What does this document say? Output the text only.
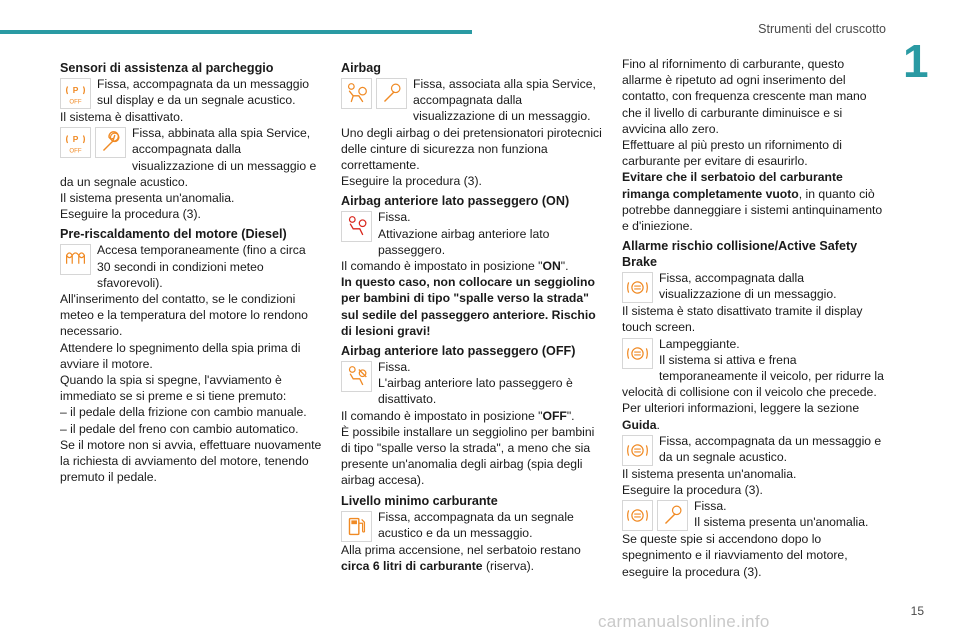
Strumenti del cruscotto
1
Sensori di assistenza al parcheggio
P
OFF
Fissa, accompagnata da un messaggio sul display e da un segnale acustico.

Il sistema è disattivato.

P
OFF
Fissa, abbinata alla spia Service, accompagnata dalla visualizzazione di un messaggio e da un segnale acustico.

Il sistema presenta un'anomalia.

Eseguire la procedura (3).

Pre-riscaldamento del motore (Diesel)
Accesa temporaneamente (fino a circa 30 secondi in condizioni meteo sfavorevoli).

All'inserimento del contatto, se le condizioni meteo e la temperatura del motore lo rendono necessario.

Attendere lo spegnimento della spia prima di avviare il motore.

Quando la spia si spegne, l'avviamento è immediato se si preme e si tiene premuto:

– il pedale della frizione con cambio manuale.

– il pedale del freno con cambio automatico.

Se il motore non si avvia, effettuare nuovamente la richiesta di avviamento del motore, tenendo premuto il pedale.

Airbag
Fissa, associata alla spia Service, accompagnata dalla visualizzazione di un messaggio.

Uno degli airbag o dei pretensionatori pirotecnici delle cinture di sicurezza non funziona correttamente.

Eseguire la procedura (3).

Airbag anteriore lato passeggero (ON)

Fissa.

Attivazione airbag anteriore lato passeggero.

Il comando è impostato in posizione "ON".

In questo caso, non collocare un seggiolino per bambini di tipo "spalle verso la strada" sul sedile del passeggero anteriore. Rischio di lesioni gravi!

Airbag anteriore lato passeggero (OFF)

Fissa.

L'airbag anteriore lato passeggero è disattivato.

Il comando è impostato in posizione "OFF".

È possibile installare un seggiolino per bambini di tipo "spalle verso la strada", a meno che sia presente un'anomalia degli airbag (spia degli airbag accesa).

Livello minimo carburante
Fissa, accompagnata da un segnale acustico e da un messaggio.

Alla prima accensione, nel serbatoio restano circa 6 litri di carburante (riserva).

Fino al rifornimento di carburante, questo allarme è ripetuto ad ogni inserimento del contatto, con frequenza crescente man mano che il livello di carburante diminuisce e si avvicina allo zero.

Effettuare al più presto un rifornimento di carburante per evitare di esaurirlo.

Evitare che il serbatoio del carburante rimanga completamente vuoto, in quanto ciò potrebbe danneggiare i sistemi antinquinamento e d'iniezione.

Allarme rischio collisione/Active Safety Brake
Fissa, accompagnata dalla visualizzazione di un messaggio.

Il sistema è stato disattivato tramite il display touch screen.

Lampeggiante.

Il sistema si attiva e frena temporaneamente il veicolo, per ridurre la velocità di collisione con il veicolo che precede.

Per ulteriori informazioni, leggere la sezione Guida.

Fissa, accompagnata da un messaggio e da un segnale acustico.

Il sistema presenta un'anomalia.

Eseguire la procedura (3).

Fissa.

Il sistema presenta un'anomalia.

Se queste spie si accendono dopo lo spegnimento e il riavviamento del motore, eseguire la procedura (3).

carmanualsonline.info
15
